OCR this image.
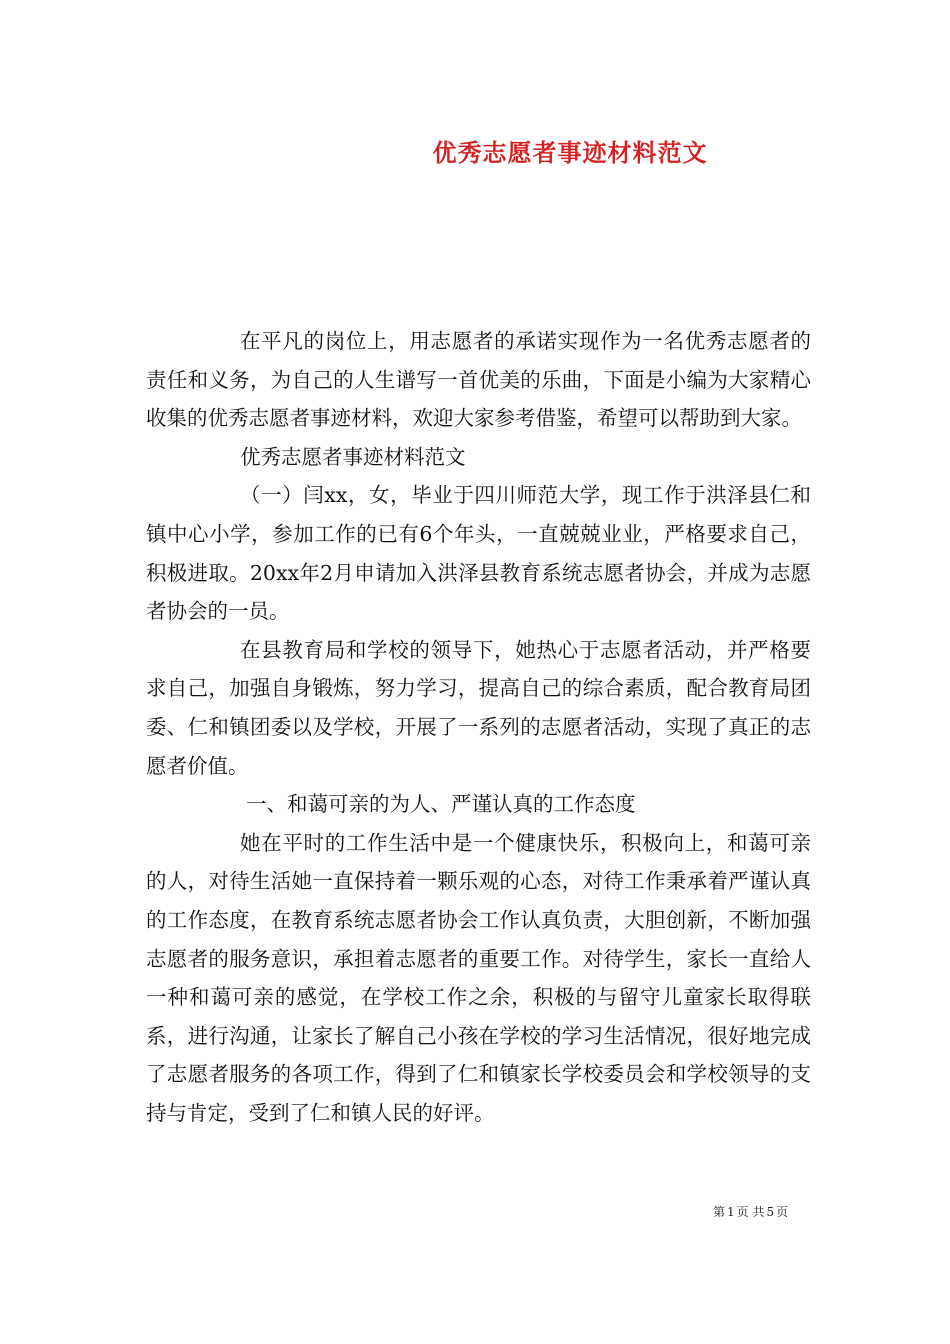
优秀志愿者事迹材料范文

在平凡的岗位上，用志愿者的承诺实现作为一名优秀志愿者的责任和义务，为自己的人生谱写一首优美的乐曲，下面是小编为大家精心收集的优秀志愿者事迹材料，欢迎大家参考借鉴，希望可以帮助到大家。

优秀志愿者事迹材料范文

（一）闫xx，女，毕业于四川师范大学，现工作于洪泽县仁和镇中心小学，参加工作的已有6个年头，一直兢兢业业，严格要求自己，积极进取。20xx年2月申请加入洪泽县教育系统志愿者协会，并成为志愿者协会的一员。

在县教育局和学校的领导下，她热心于志愿者活动，并严格要求自己，加强自身锻炼，努力学习，提高自己的综合素质，配合教育局团委、仁和镇团委以及学校，开展了一系列的志愿者活动，实现了真正的志愿者价值。

一、和蔼可亲的为人、严谨认真的工作态度

她在平时的工作生活中是一个健康快乐，积极向上，和蔼可亲的人，对待生活她一直保持着一颗乐观的心态，对待工作秉承着严谨认真的工作态度，在教育系统志愿者协会工作认真负责，大胆创新，不断加强志愿者的服务意识，承担着志愿者的重要工作。对待学生，家长一直给人一种和蔼可亲的感觉，在学校工作之余，积极的与留守儿童家长取得联系，进行沟通，让家长了解自己小孩在学校的学习生活情况，很好地完成了志愿者服务的各项工作，得到了仁和镇家长学校委员会和学校领导的支持与肯定，受到了仁和镇人民的好评。

第 1 页 共 5 页
